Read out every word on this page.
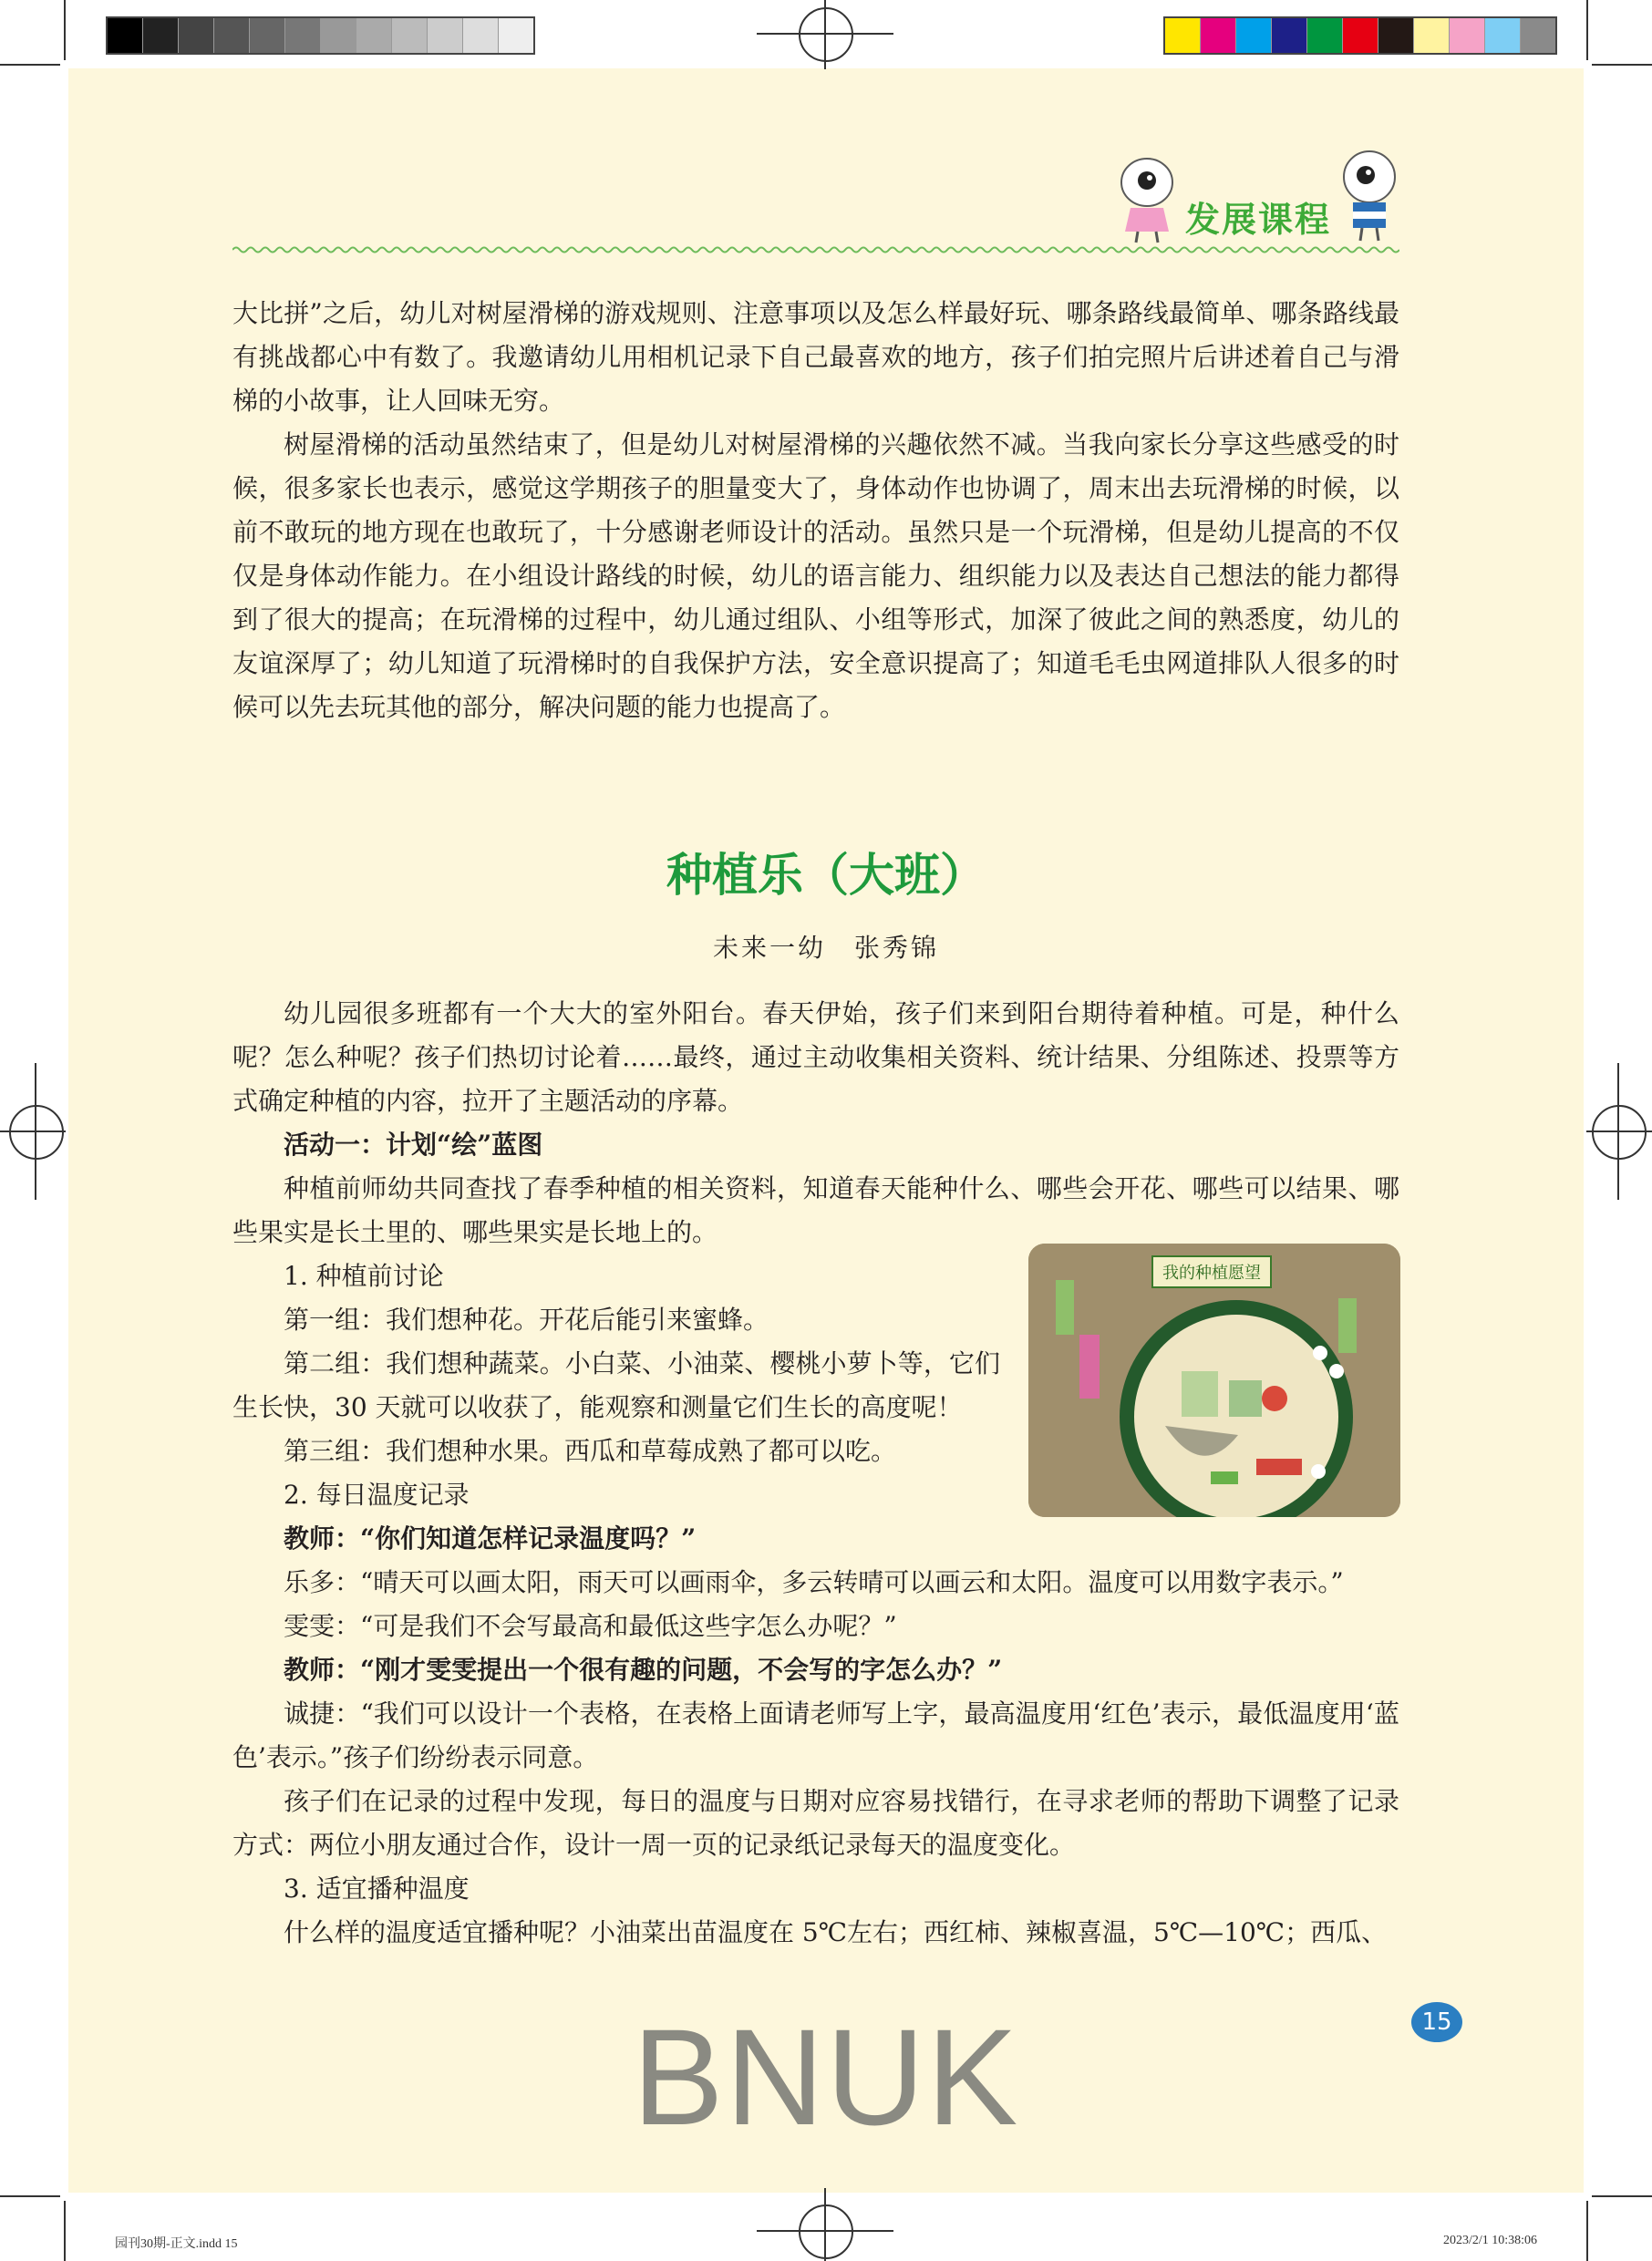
发展课程

大比拼”之后，幼儿对树屋滑梯的游戏规则、注意事项以及怎么样最好玩、哪条路线最简单、哪条路线最有挑战都心中有数了。我邀请幼儿用相机记录下自己最喜欢的地方，孩子们拍完照片后讲述着自己与滑梯的小故事，让人回味无穷。

树屋滑梯的活动虽然结束了，但是幼儿对树屋滑梯的兴趣依然不减。当我向家长分享这些感受的时候，很多家长也表示，感觉这学期孩子的胆量变大了，身体动作也协调了，周末出去玩滑梯的时候，以前不敢玩的地方现在也敢玩了，十分感谢老师设计的活动。虽然只是一个玩滑梯，但是幼儿提高的不仅仅是身体动作能力。在小组设计路线的时候，幼儿的语言能力、组织能力以及表达自己想法的能力都得到了很大的提高；在玩滑梯的过程中，幼儿通过组队、小组等形式，加深了彼此之间的熟悉度，幼儿的友谊深厚了；幼儿知道了玩滑梯时的自我保护方法，安全意识提高了；知道毛毛虫网道排队人很多的时候可以先去玩其他的部分，解决问题的能力也提高了。

种植乐（大班）
未来一幼　张秀锦

幼儿园很多班都有一个大大的室外阳台。春天伊始，孩子们来到阳台期待着种植。可是，种什么呢？怎么种呢？孩子们热切讨论着……最终，通过主动收集相关资料、统计结果、分组陈述、投票等方式确定种植的内容，拉开了主题活动的序幕。

活动一：计划“绘”蓝图

种植前师幼共同查找了春季种植的相关资料，知道春天能种什么、哪些会开花、哪些可以结果、哪些果实是长土里的、哪些果实是长地上的。

1. 种植前讨论

第一组：我们想种花。开花后能引来蜜蜂。

第二组：我们想种蔬菜。小白菜、小油菜、樱桃小萝卜等，它们生长快，30 天就可以收获了，能观察和测量它们生长的高度呢！

第三组：我们想种水果。西瓜和草莓成熟了都可以吃。

2. 每日温度记录

我的种植愿望

教师：“你们知道怎样记录温度吗？”

乐多：“晴天可以画太阳，雨天可以画雨伞，多云转晴可以画云和太阳。温度可以用数字表示。”

雯雯：“可是我们不会写最高和最低这些字怎么办呢？”

教师：“刚才雯雯提出一个很有趣的问题，不会写的字怎么办？”

诚捷：“我们可以设计一个表格，在表格上面请老师写上字，最高温度用‘红色’表示，最低温度用‘蓝色’表示。”孩子们纷纷表示同意。

孩子们在记录的过程中发现，每日的温度与日期对应容易找错行，在寻求老师的帮助下调整了记录方式：两位小朋友通过合作，设计一周一页的记录纸记录每天的温度变化。

3. 适宜播种温度

什么样的温度适宜播种呢？小油菜出苗温度在 5℃左右；西红柿、辣椒喜温，5℃—10℃；西瓜、

15
BNUK
园刊30期-正文.indd 15	2023/2/1 10:38:06
